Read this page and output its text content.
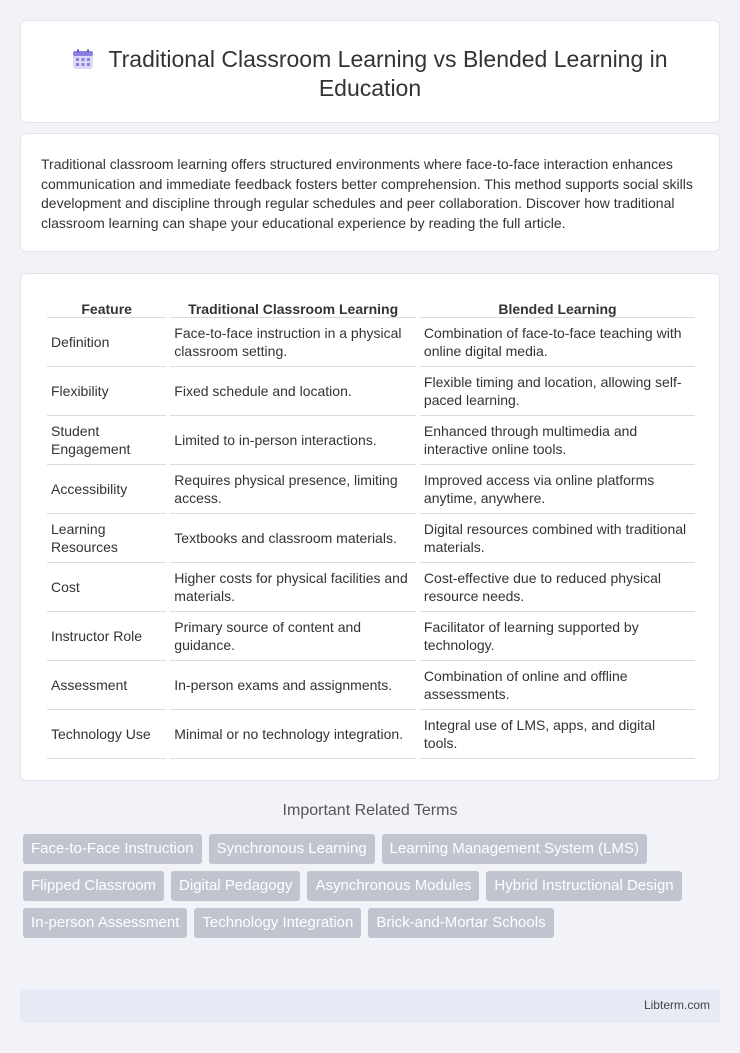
Traditional Classroom Learning vs Blended Learning in Education

Traditional classroom learning offers structured environments where face-to-face interaction enhances communication and immediate feedback fosters better comprehension. This method supports social skills development and discipline through regular schedules and peer collaboration. Discover how traditional classroom learning can shape your educational experience by reading the full article.

Feature	Traditional Classroom Learning	Blended Learning
Definition	Face-to-face instruction in a physical classroom setting.	Combination of face-to-face teaching with online digital media.
Flexibility	Fixed schedule and location.	Flexible timing and location, allowing self-paced learning.
Student Engagement	Limited to in-person interactions.	Enhanced through multimedia and interactive online tools.
Accessibility	Requires physical presence, limiting access.	Improved access via online platforms anytime, anywhere.
Learning Resources	Textbooks and classroom materials.	Digital resources combined with traditional materials.
Cost	Higher costs for physical facilities and materials.	Cost-effective due to reduced physical resource needs.
Instructor Role	Primary source of content and guidance.	Facilitator of learning supported by technology.
Assessment	In-person exams and assignments.	Combination of online and offline assessments.
Technology Use	Minimal or no technology integration.	Integral use of LMS, apps, and digital tools.
Important Related Terms
Face-to-Face Instruction	Synchronous Learning	Learning Management System (LMS)
Flipped Classroom	Digital Pedagogy	Asynchronous Modules	Hybrid Instructional Design
In-person Assessment	Technology Integration	Brick-and-Mortar Schools
Libterm.com
